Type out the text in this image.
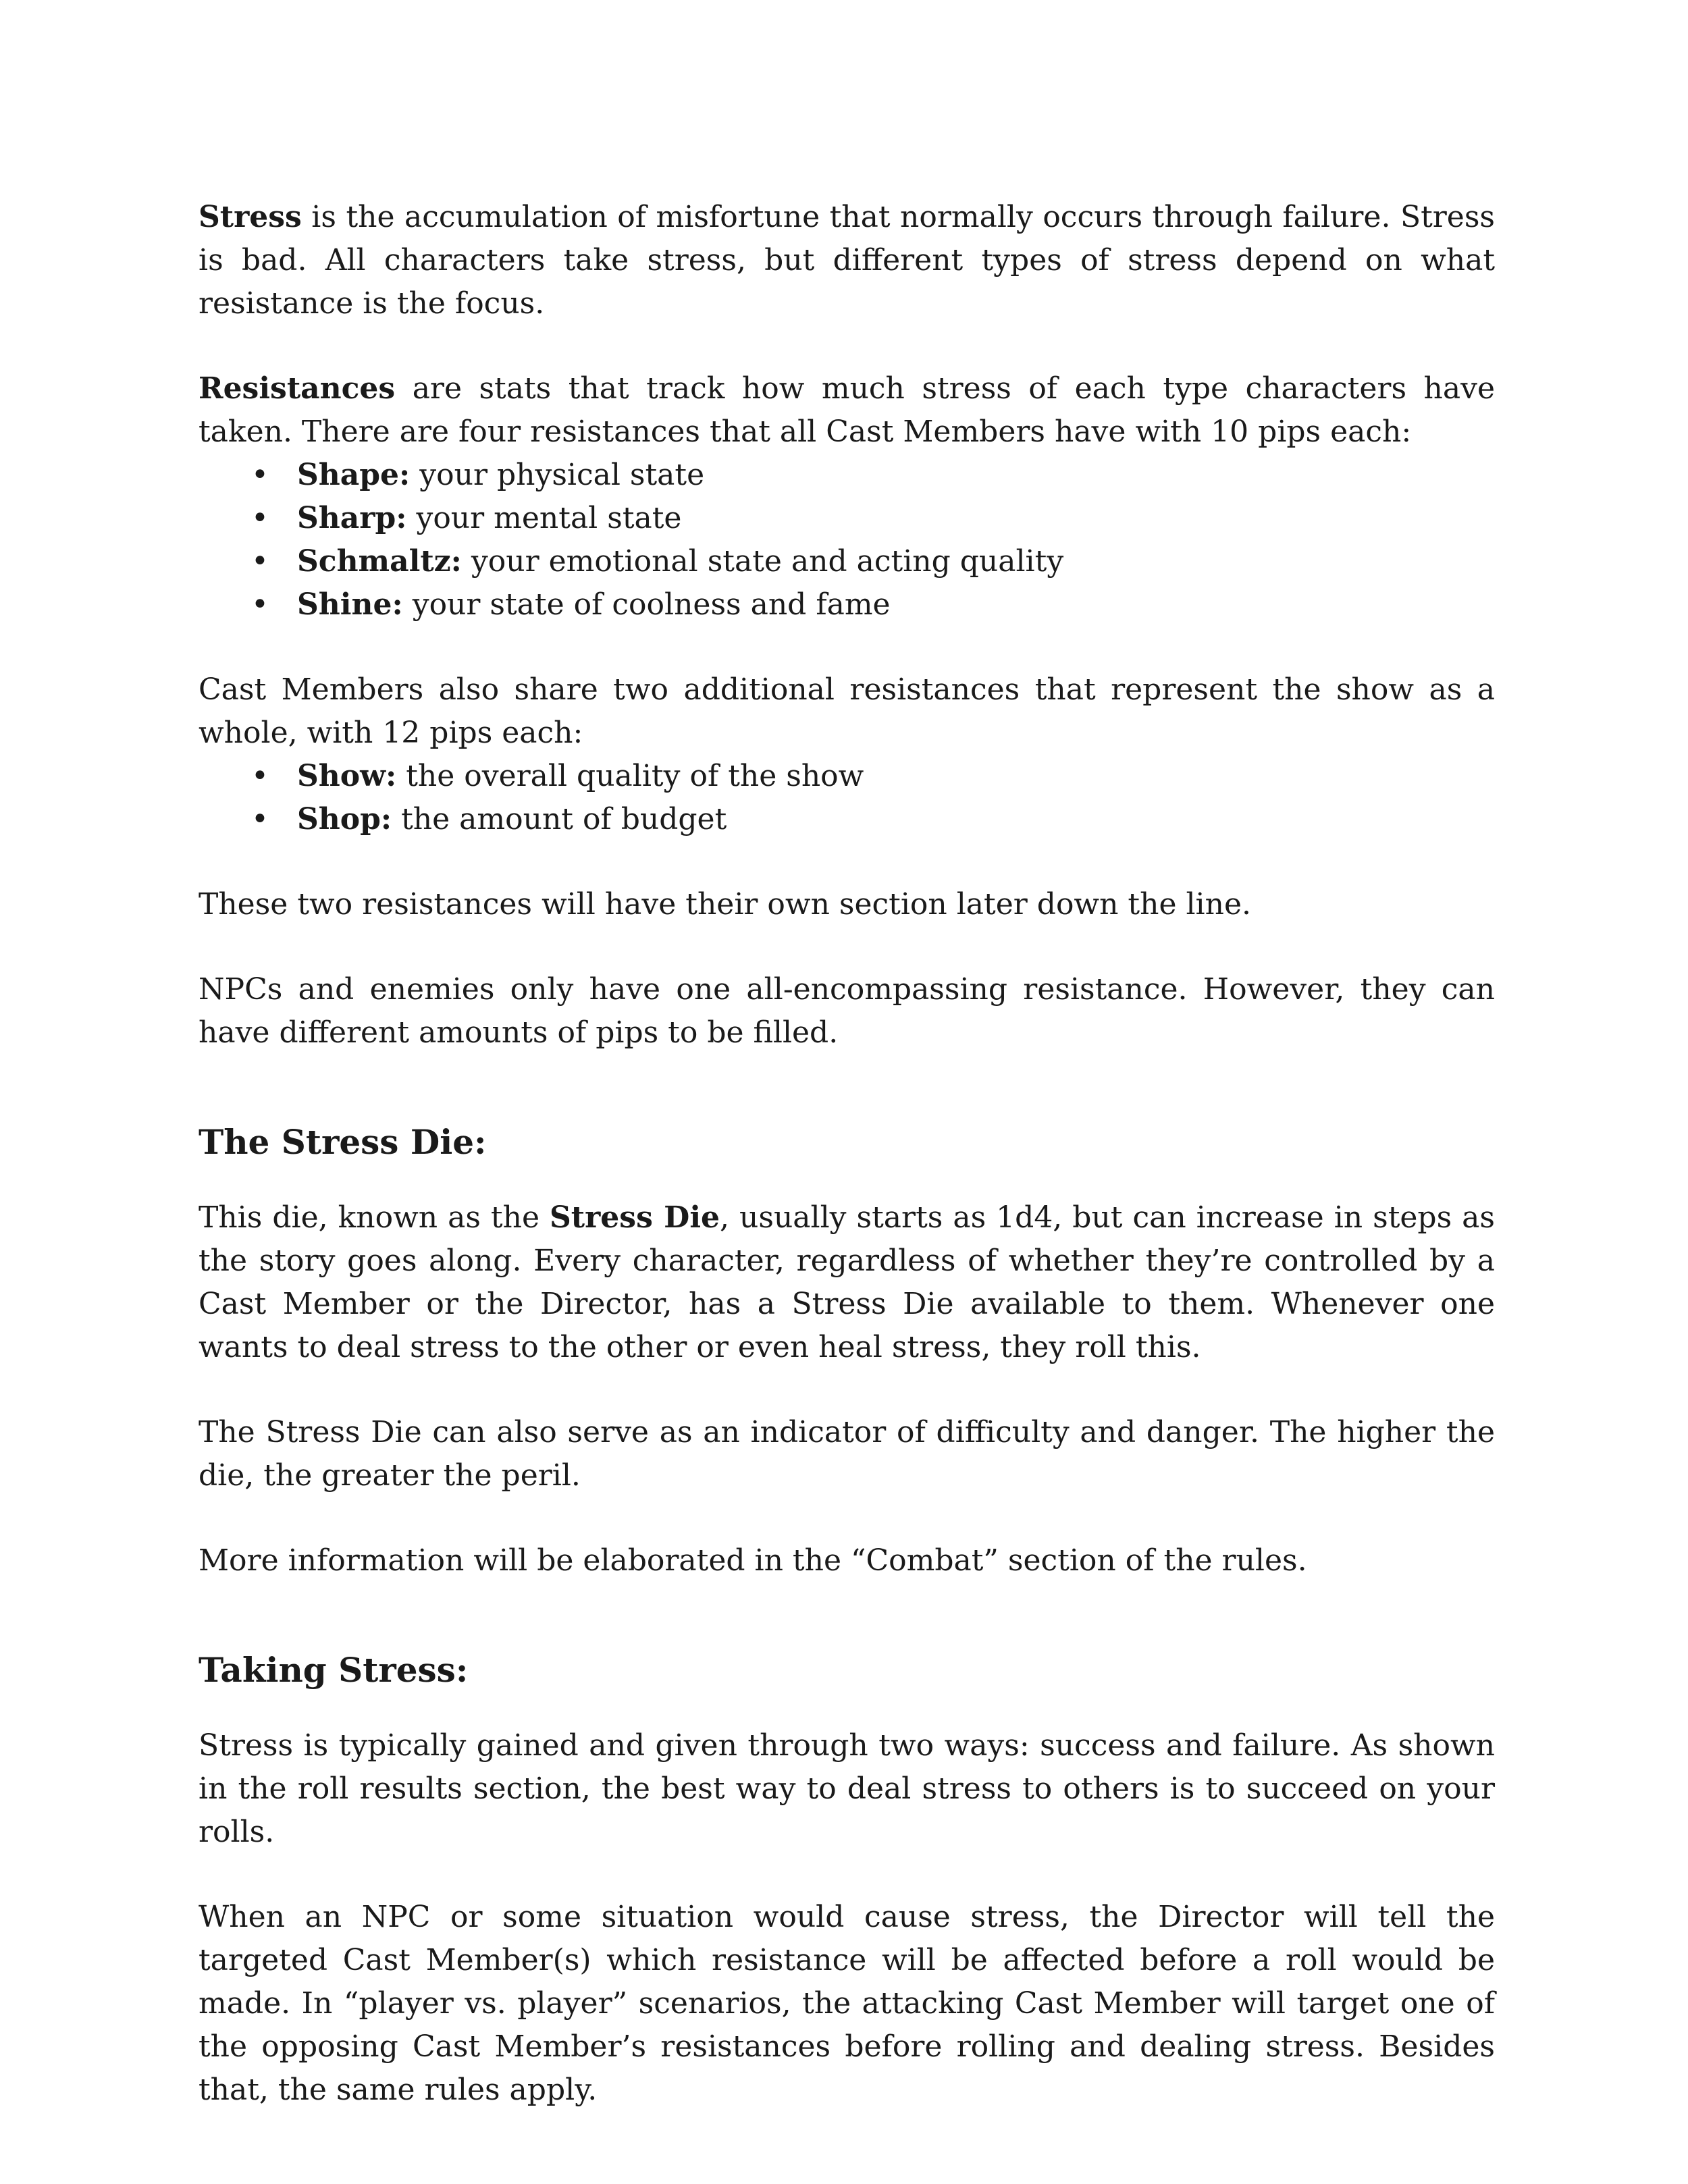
Stress is the accumulation of misfortune that normally occurs through failure. Stress is bad. All characters take stress, but different types of stress depend on what resistance is the focus.

Resistances are stats that track how much stress of each type characters have taken. There are four resistances that all Cast Members have with 10 pips each:

• Shape: your physical state
• Sharp: your mental state
• Schmaltz: your emotional state and acting quality
• Shine: your state of coolness and fame

Cast Members also share two additional resistances that represent the show as a whole, with 12 pips each:

• Show: the overall quality of the show
• Shop: the amount of budget

These two resistances will have their own section later down the line.

NPCs and enemies only have one all-encompassing resistance. However, they can have different amounts of pips to be filled.

The Stress Die:

This die, known as the Stress Die, usually starts as 1d4, but can increase in steps as the story goes along. Every character, regardless of whether they’re controlled by a Cast Member or the Director, has a Stress Die available to them. Whenever one wants to deal stress to the other or even heal stress, they roll this.

The Stress Die can also serve as an indicator of difficulty and danger. The higher the die, the greater the peril.

More information will be elaborated in the “Combat” section of the rules.

Taking Stress:

Stress is typically gained and given through two ways: success and failure. As shown in the roll results section, the best way to deal stress to others is to succeed on your rolls.

When an NPC or some situation would cause stress, the Director will tell the targeted Cast Member(s) which resistance will be affected before a roll would be made. In “player vs. player” scenarios, the attacking Cast Member will target one of the opposing Cast Member’s resistances before rolling and dealing stress. Besides that, the same rules apply.
